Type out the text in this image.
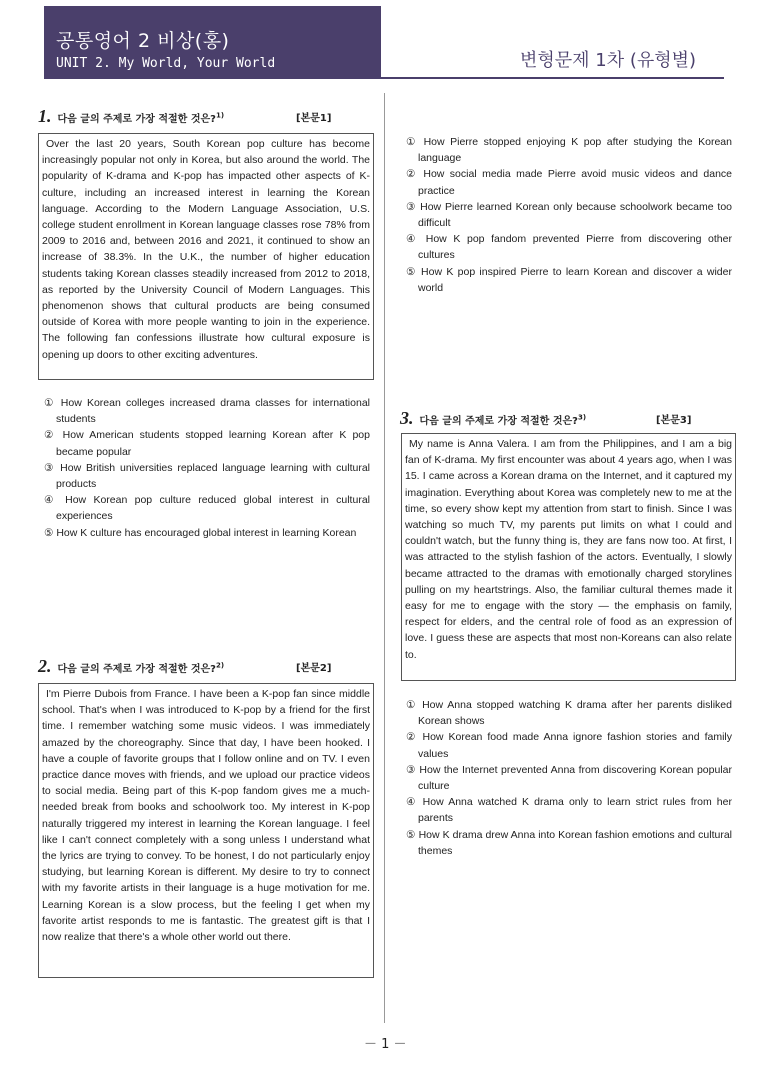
공통영어 2 비상(홍)
UNIT 2. My World, Your World	변형문제 1차 (유형별)
1. 다음 글의 주제로 가장 적절한 것은?$^{1)}$	[본문1]
Over the last 20 years, South Korean pop culture has become increasingly popular not only in Korea, but also around the world. The popularity of K-drama and K-pop has impacted other aspects of K-culture, including an increased interest in learning the Korean language. According to the Modern Language Association, U.S. college student enrollment in Korean language classes rose 78% from 2009 to 2016 and, between 2016 and 2021, it continued to show an increase of 38.3%. In the U.K., the number of higher education students taking Korean classes steadily increased from 2012 to 2018, as reported by the University Council of Modern Languages. This phenomenon shows that cultural products are being consumed outside of Korea with more people wanting to join in the experience. The following fan confessions illustrate how cultural exposure is opening up doors to other exciting adventures.
① How Korean colleges increased drama classes for international students
② How American students stopped learning Korean after K pop became popular
③ How British universities replaced language learning with cultural products
④ How Korean pop culture reduced global interest in cultural experiences
⑤ How K culture has encouraged global interest in learning Korean
2. 다음 글의 주제로 가장 적절한 것은?$^{2)}$	[본문2]
I'm Pierre Dubois from France. I have been a K-pop fan since middle school. That's when I was introduced to K-pop by a friend for the first time. I remember watching some music videos. I was immediately amazed by the choreography. Since that day, I have been hooked. I have a couple of favorite groups that I follow online and on TV. I even practice dance moves with friends, and we upload our practice videos to social media. Being part of this K-pop fandom gives me a much-needed break from books and schoolwork too. My interest in K-pop naturally triggered my interest in learning the Korean language. I feel like I can't connect completely with a song unless I understand what the lyrics are trying to convey. To be honest, I do not particularly enjoy studying, but learning Korean is different. My desire to try to connect with my favorite artists in their language is a huge motivation for me. Learning Korean is a slow process, but the feeling I get when my favorite artist responds to me is fantastic. The greatest gift is that I now realize that there's a whole other world out there.
① How Pierre stopped enjoying K pop after studying the Korean language
② How social media made Pierre avoid music videos and dance practice
③ How Pierre learned Korean only because schoolwork became too difficult
④ How K pop fandom prevented Pierre from discovering other cultures
⑤ How K pop inspired Pierre to learn Korean and discover a wider world
3. 다음 글의 주제로 가장 적절한 것은?$^{3)}$	[본문3]
My name is Anna Valera. I am from the Philippines, and I am a big fan of K-drama. My first encounter was about 4 years ago, when I was 15. I came across a Korean drama on the Internet, and it captured my imagination. Everything about Korea was completely new to me at the time, so every show kept my attention from start to finish. Since I was watching so much TV, my parents put limits on what I could and couldn't watch, but the funny thing is, they are fans now too. At first, I was attracted to the stylish fashion of the actors. Eventually, I slowly became attracted to the dramas with emotionally charged storylines pulling on my heartstrings. Also, the familiar cultural themes made it easy for me to engage with the story — the emphasis on family, respect for elders, and the central role of food as an expression of love. I guess these are aspects that most non-Koreans can also relate to.
① How Anna stopped watching K drama after her parents disliked Korean shows
② How Korean food made Anna ignore fashion stories and family values
③ How the Internet prevented Anna from discovering Korean popular culture
④ How Anna watched K drama only to learn strict rules from her parents
⑤ How K drama drew Anna into Korean fashion emotions and cultural themes
－ 1 －
